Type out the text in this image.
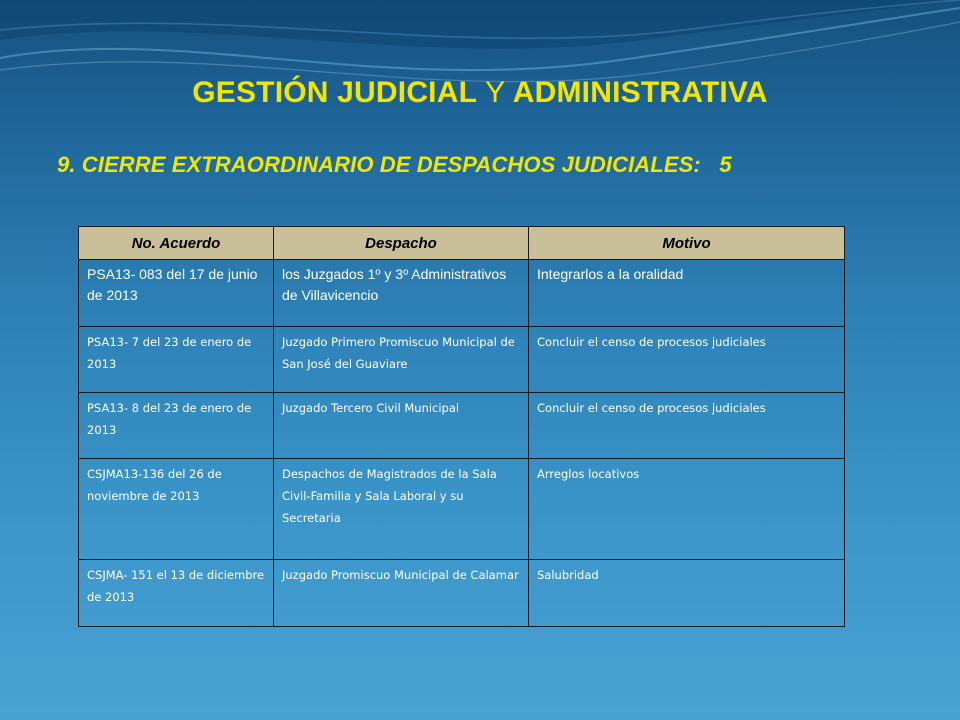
GESTIÓN JUDICIAL Y ADMINISTRATIVA
9. CIERRE EXTRAORDINARIO DE DESPACHOS JUDICIALES:   5
No. Acuerdo	Despacho	Motivo
PSA13- 083 del 17 de junio de 2013	los Juzgados 1º y 3º Administrativos de Villavicencio	Integrarlos a la oralidad
PSA13- 7 del 23 de enero de 2013	Juzgado Primero Promiscuo Municipal de San José del Guaviare	Concluir el censo de procesos judiciales
PSA13- 8 del 23 de enero de 2013	Juzgado Tercero Civil Municipal	Concluir el censo de procesos judiciales
CSJMA13-136 del 26 de noviembre de 2013	Despachos de Magistrados de la Sala Civil-Familia y Sala Laboral y su Secretaria	Arreglos locativos
CSJMA- 151 el 13 de diciembre de 2013	Juzgado Promiscuo Municipal de Calamar	Salubridad
